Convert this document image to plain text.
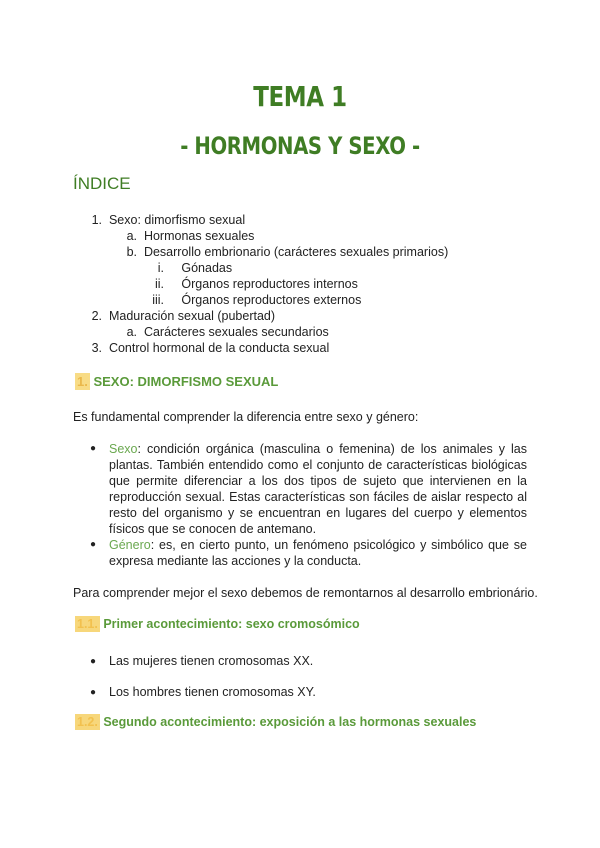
TEMA 1
- HORMONAS Y SEXO -
ÍNDICE
1. Sexo: dimorfismo sexual
a. Hormonas sexuales
b. Desarrollo embrionario (carácteres sexuales primarios)
i. Gónadas
ii. Órganos reproductores internos
iii. Órganos reproductores externos
2. Maduración sexual (pubertad)
a. Carácteres sexuales secundarios
3. Control hormonal de la conducta sexual
1. SEXO: DIMORFISMO SEXUAL
Es fundamental comprender la diferencia entre sexo y género:
● Sexo: condición orgánica (masculina o femenina) de los animales y las
plantas. También entendido como el conjunto de características biológicas
que permite diferenciar a los dos tipos de sujeto que intervienen en la
reproducción sexual. Estas características son fáciles de aislar respecto al
resto del organismo y se encuentran en lugares del cuerpo y elementos
físicos que se conocen de antemano.
● Género: es, en cierto punto, un fenómeno psicológico y simbólico que se
expresa mediante las acciones y la conducta.
Para comprender mejor el sexo debemos de remontarnos al desarrollo embrionário.
1.1. Primer acontecimiento: sexo cromosómico
● Las mujeres tienen cromosomas XX.
● Los hombres tienen cromosomas XY.
1.2. Segundo acontecimiento: exposición a las hormonas sexuales
